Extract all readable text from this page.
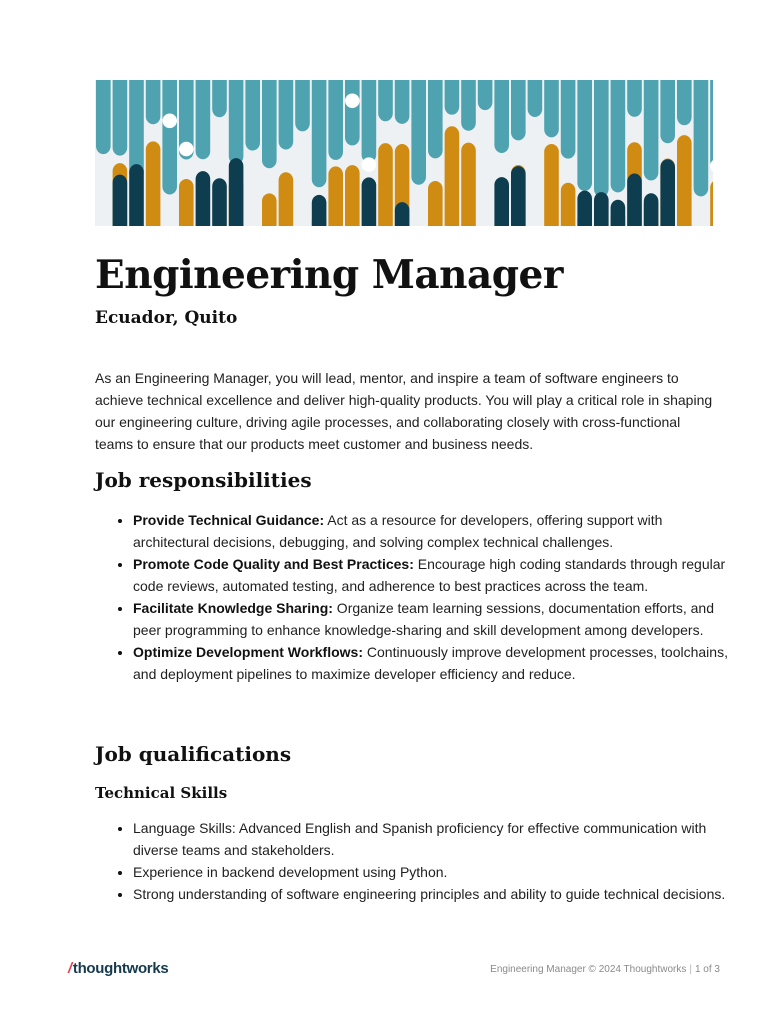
Engineering Manager
Ecuador, Quito

As an Engineering Manager, you will lead, mentor, and inspire a team of software engineers to achieve technical excellence and deliver high-quality products. You will play a critical role in shaping our engineering culture, driving agile processes, and collaborating closely with cross-functional teams to ensure that our products meet customer and business needs.

Job responsibilities
• Provide Technical Guidance: Act as a resource for developers, offering support with architectural decisions, debugging, and solving complex technical challenges.
• Promote Code Quality and Best Practices: Encourage high coding standards through regular code reviews, automated testing, and adherence to best practices across the team.
• Facilitate Knowledge Sharing: Organize team learning sessions, documentation efforts, and peer programming to enhance knowledge-sharing and skill development among developers.
• Optimize Development Workflows: Continuously improve development processes, toolchains, and deployment pipelines to maximize developer efficiency and reduce.
Job qualifications
Technical Skills
• Language Skills: Advanced English and Spanish proficiency for effective communication with diverse teams and stakeholders.
• Experience in backend development using Python.
• Strong understanding of software engineering principles and ability to guide technical decisions.
/thoughtworks	Engineering Manager © 2024 Thoughtworks | 1 of 3
